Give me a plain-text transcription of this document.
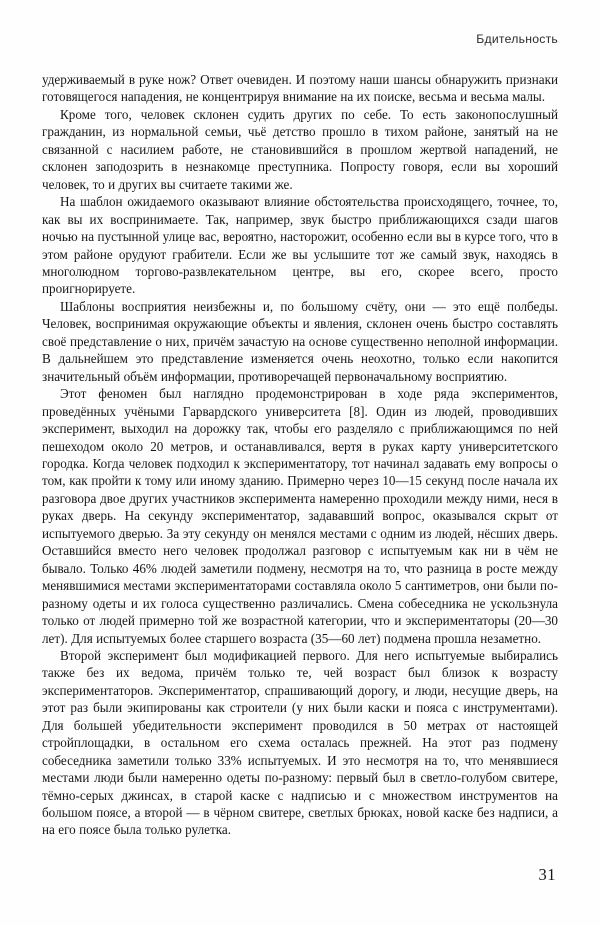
Бдительность

удерживаемый в руке нож? Ответ очевиден. И поэтому наши шансы обнаружить признаки готовящегося нападения, не концентрируя внимание на их поиске, весьма и весьма малы.

Кроме того, человек склонен судить других по себе. То есть законопослушный гражданин, из нормальной семьи, чьё детство прошло в тихом районе, занятый на не связанной с насилием работе, не становившийся в прошлом жертвой нападений, не склонен заподозрить в незнакомце преступника. Попросту говоря, если вы хороший человек, то и других вы считаете такими же.

На шаблон ожидаемого оказывают влияние обстоятельства происходящего, точнее, то, как вы их воспринимаете. Так, например, звук быстро приближающихся сзади шагов ночью на пустынной улице вас, вероятно, насторожит, особенно если вы в курсе того, что в этом районе орудуют грабители. Если же вы услышите тот же самый звук, находясь в многолюдном торгово-развлекательном центре, вы его, скорее всего, просто проигнорируете.

Шаблоны восприятия неизбежны и, по большому счёту, они — это ещё полбеды. Человек, воспринимая окружающие объекты и явления, склонен очень быстро составлять своё представление о них, причём зачастую на основе существенно неполной информации. В дальнейшем это представление изменяется очень неохотно, только если накопится значительный объём информации, противоречащей первоначальному восприятию.

Этот феномен был наглядно продемонстрирован в ходе ряда экспериментов, проведённых учёными Гарвардского университета [8]. Один из людей, проводивших эксперимент, выходил на дорожку так, чтобы его разделяло с приближающимся по ней пешеходом около 20 метров, и останавливался, вертя в руках карту университетского городка. Когда человек подходил к экспериментатору, тот начинал задавать ему вопросы о том, как пройти к тому или иному зданию. Примерно через 10—15 секунд после начала их разговора двое других участников эксперимента намеренно проходили между ними, неся в руках дверь. На секунду экспериментатор, задававший вопрос, оказывался скрыт от испытуемого дверью. За эту секунду он менялся местами с одним из людей, нёсших дверь. Оставшийся вместо него человек продолжал разговор с испытуемым как ни в чём не бывало. Только 46% людей заметили подмену, несмотря на то, что разница в росте между менявшимися местами экспериментаторами составляла около 5 сантиметров, они были по-разному одеты и их голоса существенно различались. Смена собеседника не ускользнула только от людей примерно той же возрастной категории, что и экспериментаторы (20—30 лет). Для испытуемых более старшего возраста (35—60 лет) подмена прошла незаметно.

Второй эксперимент был модификацией первого. Для него испытуемые выбирались также без их ведома, причём только те, чей возраст был близок к возрасту экспериментаторов. Экспериментатор, спрашивающий дорогу, и люди, несущие дверь, на этот раз были экипированы как строители (у них были каски и пояса с инструментами). Для большей убедительности эксперимент проводился в 50 метрах от настоящей стройплощадки, в остальном его схема осталась прежней. На этот раз подмену собеседника заметили только 33% испытуемых. И это несмотря на то, что менявшиеся местами люди были намеренно одеты по-разному: первый был в светло-голубом свитере, тёмно-серых джинсах, в старой каске с надписью и с множеством инструментов на большом поясе, а второй — в чёрном свитере, светлых брюках, новой каске без надписи, а на его поясе была только рулетка.

31
